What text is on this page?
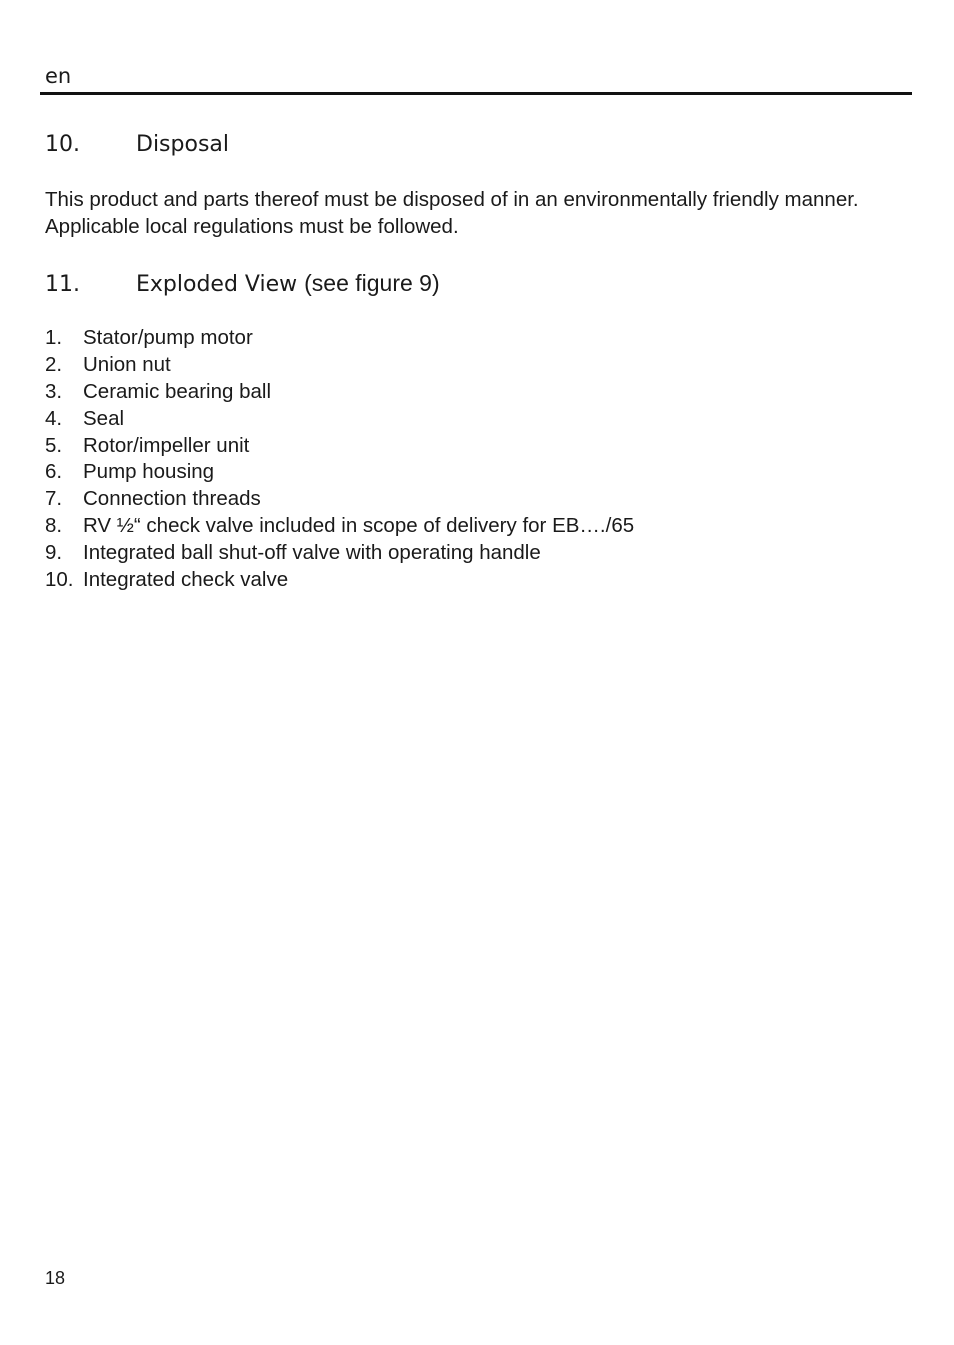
en
10.	Disposal
This product and parts thereof must be disposed of in an environmentally friendly manner. Applicable local regulations must be followed.
11.	Exploded View (see figure 9)
1.	Stator/pump motor
2.	Union nut
3.	Ceramic bearing ball
4.	Seal
5.	Rotor/impeller unit
6.	Pump housing
7.	Connection threads
8.	RV ½“ check valve included in scope of delivery for EB…./65
9.	Integrated ball shut-off valve with operating handle
10. Integrated check valve
18
